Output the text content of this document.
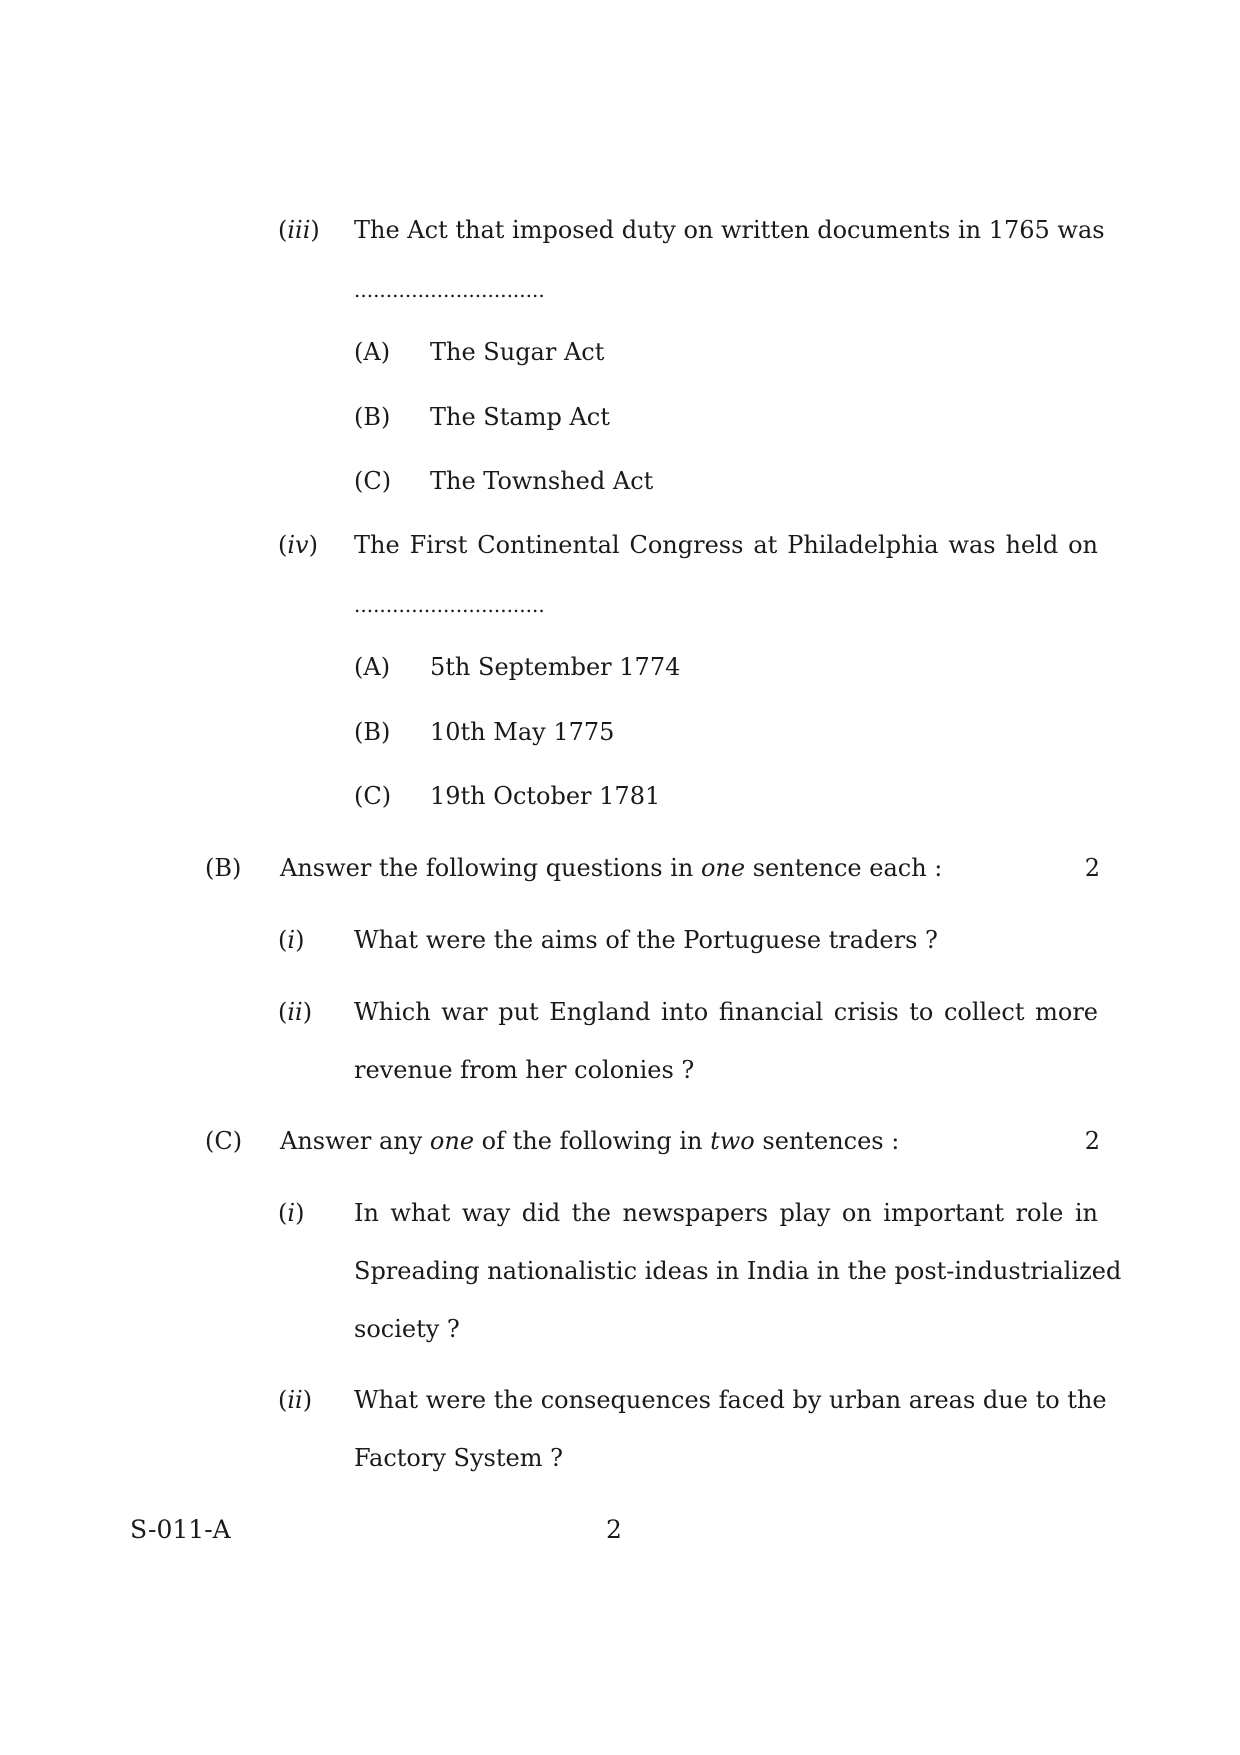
(iii) The Act that imposed duty on written documents in 1765 was
..............................
(A) The Sugar Act
(B) The Stamp Act
(C) The Townshed Act
(iv) The First Continental Congress at Philadelphia was held on
..............................
(A) 5th September 1774
(B) 10th May 1775
(C) 19th October 1781
(B) Answer the following questions in one sentence each :	2
(i) What were the aims of the Portuguese traders ?
(ii) Which war put England into financial crisis to collect more
revenue from her colonies ?
(C) Answer any one of the following in two sentences :	2
(i) In what way did the newspapers play on important role in
Spreading nationalistic ideas in India in the post-industrialized
society ?
(ii) What were the consequences faced by urban areas due to the
Factory System ?
S-011-A	2
